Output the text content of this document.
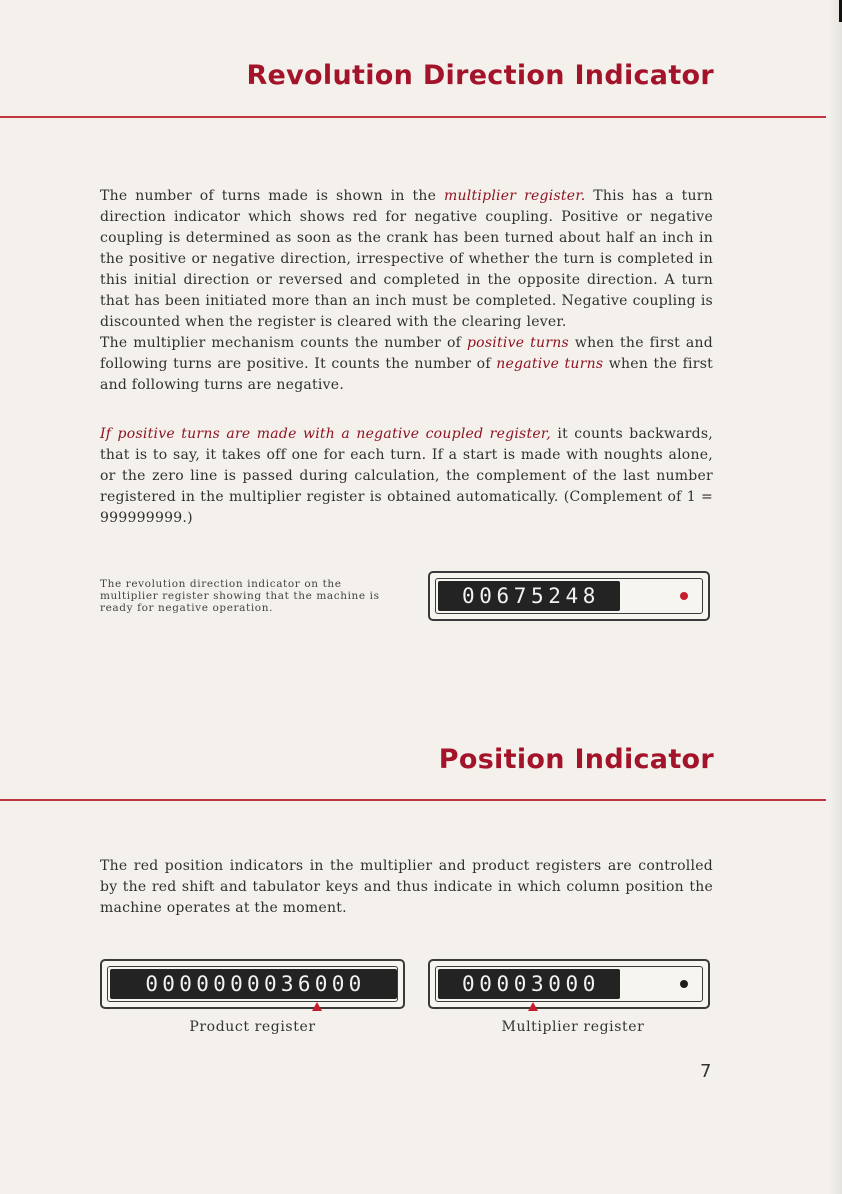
Revolution Direction Indicator

The number of turns made is shown in the multiplier register. This has a turn direction indicator which shows red for negative coupling. Positive or negative coupling is determined as soon as the crank has been turned about half an inch in the positive or negative direction, irrespective of whether the turn is completed in this initial direction or reversed and completed in the opposite direction. A turn that has been initiated more than an inch must be completed. Negative coupling is discounted when the register is cleared with the clearing lever.
The multiplier mechanism counts the number of positive turns when the first and following turns are positive. It counts the number of negative turns when the first and following turns are negative.

If positive turns are made with a negative coupled register, it counts backwards, that is to say, it takes off one for each turn. If a start is made with noughts alone, or the zero line is passed during calculation, the complement of the last number registered in the multiplier register is obtained automatically. (Complement of 1 = 999999999.)

The revolution direction indicator on the multiplier register showing that the machine is ready for negative operation.	00675248
Position Indicator

The red position indicators in the multiplier and product registers are controlled by the red shift and tabulator keys and thus indicate in which column position the machine operates at the moment.

0000000036000	00003000

Product register	Multiplier register

7
